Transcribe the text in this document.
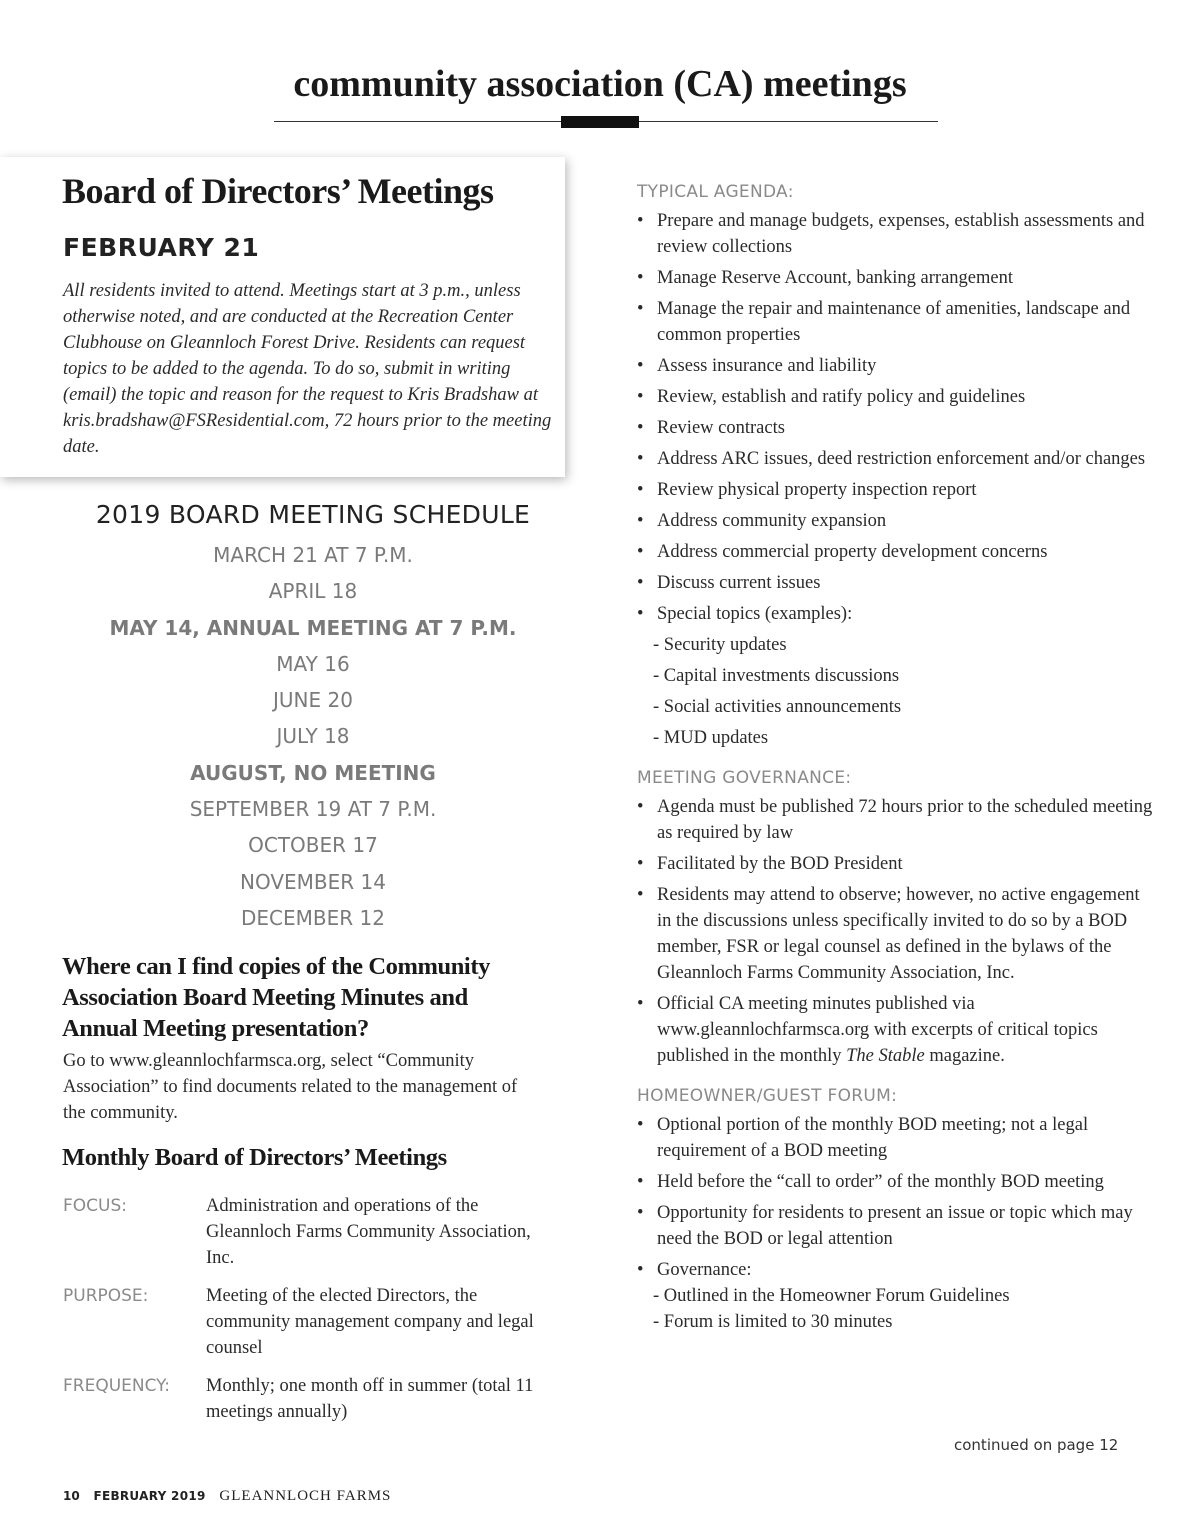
community association (CA) meetings
Board of Directors’ Meetings
FEBRUARY 21
All residents invited to attend. Meetings start at 3 p.m., unless otherwise noted, and are conducted at the Recreation Center Clubhouse on Gleannloch Forest Drive. Residents can request topics to be added to the agenda. To do so, submit in writing (email) the topic and reason for the request to Kris Bradshaw at kris.bradshaw@FSResidential.com, 72 hours prior to the meeting date.
2019 BOARD MEETING SCHEDULE
MARCH 21 AT 7 P.M.
APRIL 18
MAY 14, ANNUAL MEETING AT 7 P.M.
MAY 16
JUNE 20
JULY 18
AUGUST, NO MEETING
SEPTEMBER 19 AT 7 P.M.
OCTOBER 17
NOVEMBER 14
DECEMBER 12
Where can I find copies of the Community Association Board Meeting Minutes and Annual Meeting presentation?
Go to www.gleannlochfarmsca.org, select “Community Association” to find documents related to the management of the community.
Monthly Board of Directors’ Meetings
FOCUS:	Administration and operations of the Gleannloch Farms Community Association, Inc.
PURPOSE:	Meeting of the elected Directors, the community management company and legal counsel
FREQUENCY: Monthly; one month off in summer (total 11 meetings annually)
10 FEBRUARY 2019 GLEANNLOCH FARMS
TYPICAL AGENDA:
• Prepare and manage budgets, expenses, establish assessments and review collections
• Manage Reserve Account, banking arrangement
• Manage the repair and maintenance of amenities, landscape and common properties
• Assess insurance and liability
• Review, establish and ratify policy and guidelines
• Review contracts
• Address ARC issues, deed restriction enforcement and/or changes
• Review physical property inspection report
• Address community expansion
• Address commercial property development concerns
• Discuss current issues
• Special topics (examples):
- Security updates
- Capital investments discussions
- Social activities announcements
- MUD updates
MEETING GOVERNANCE:
• Agenda must be published 72 hours prior to the scheduled meeting as required by law
• Facilitated by the BOD President
• Residents may attend to observe; however, no active engagement in the discussions unless specifically invited to do so by a BOD member, FSR or legal counsel as defined in the bylaws of the Gleannloch Farms Community Association, Inc.
• Official CA meeting minutes published via www.gleannlochfarmsca.org with excerpts of critical topics published in the monthly The Stable magazine.
HOMEOWNER/GUEST FORUM:
• Optional portion of the monthly BOD meeting; not a legal requirement of a BOD meeting
• Held before the “call to order” of the monthly BOD meeting
• Opportunity for residents to present an issue or topic which may need the BOD or legal attention
• Governance:
- Outlined in the Homeowner Forum Guidelines
- Forum is limited to 30 minutes
continued on page 12
